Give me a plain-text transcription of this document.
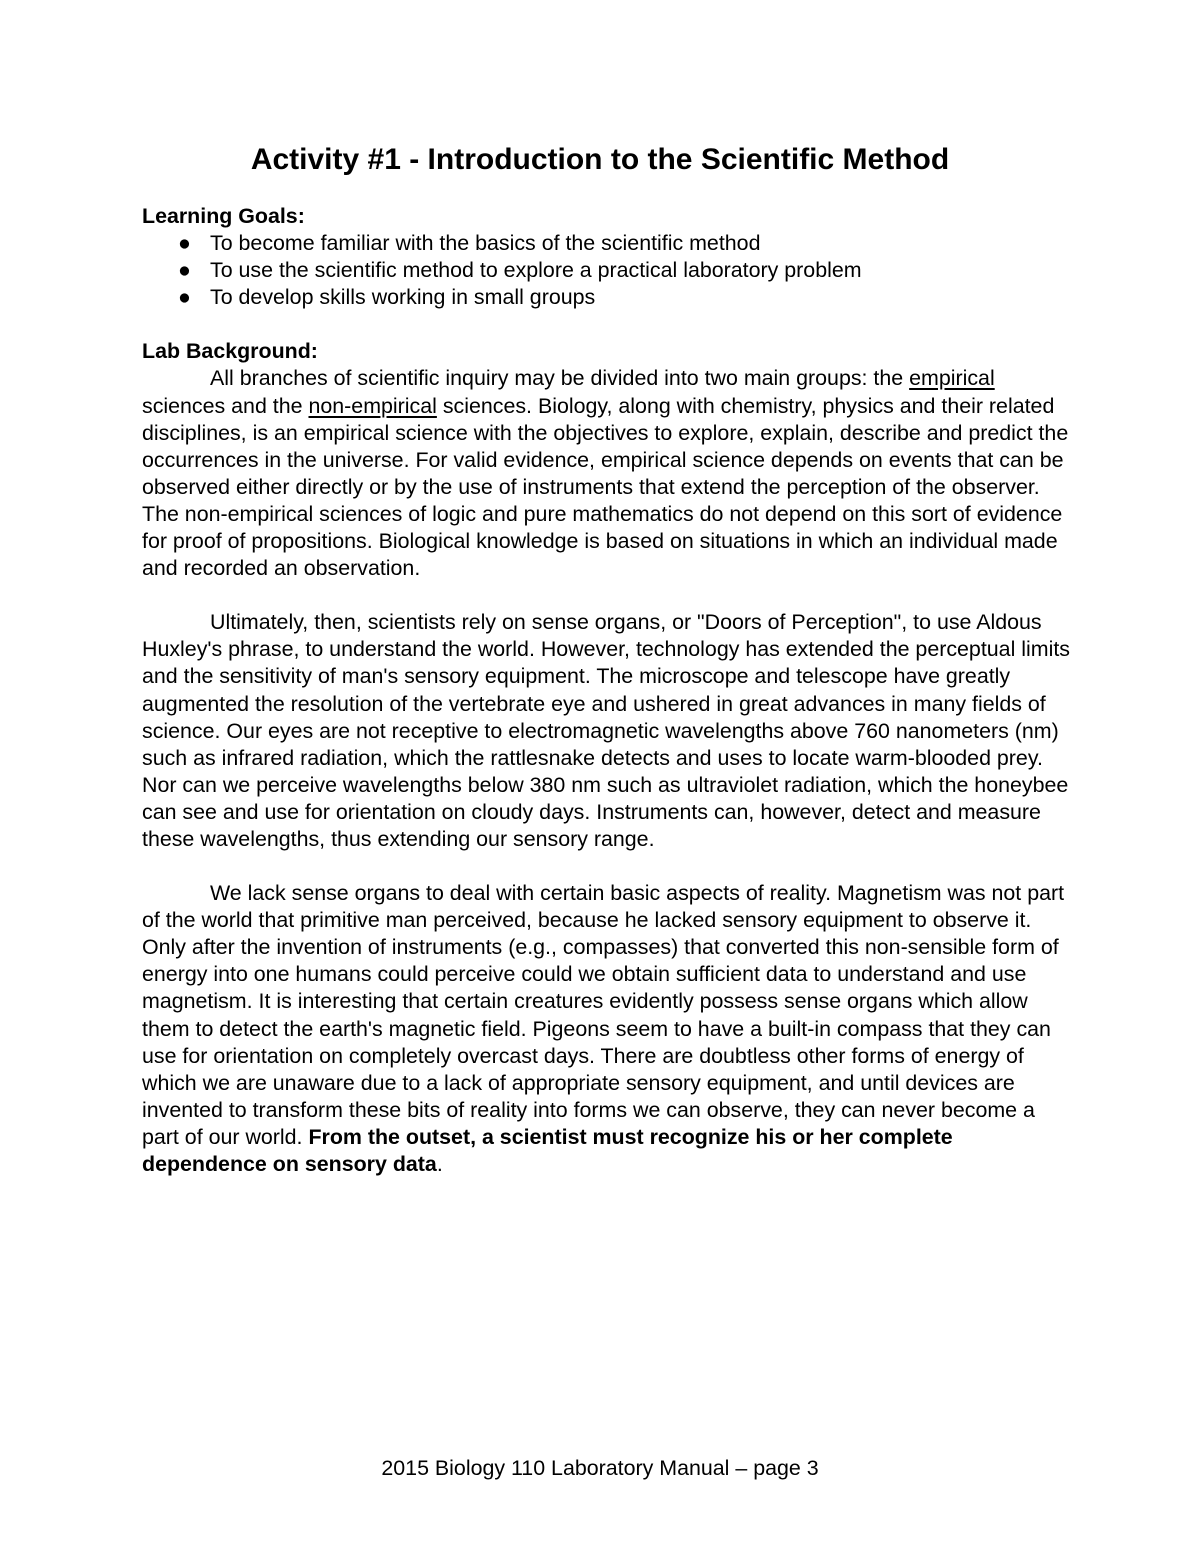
Activity #1 - Introduction to the Scientific Method
Learning Goals:
● To become familiar with the basics of the scientific method
● To use the scientific method to explore a practical laboratory problem
● To develop skills working in small groups
Lab Background:

All branches of scientific inquiry may be divided into two main groups: the empirical sciences and the non-empirical sciences. Biology, along with chemistry, physics and their related disciplines, is an empirical science with the objectives to explore, explain, describe and predict the occurrences in the universe. For valid evidence, empirical science depends on events that can be observed either directly or by the use of instruments that extend the perception of the observer. The non-empirical sciences of logic and pure mathematics do not depend on this sort of evidence for proof of propositions. Biological knowledge is based on situations in which an individual made and recorded an observation.

Ultimately, then, scientists rely on sense organs, or "Doors of Perception", to use Aldous Huxley's phrase, to understand the world. However, technology has extended the perceptual limits and the sensitivity of man's sensory equipment. The microscope and telescope have greatly augmented the resolution of the vertebrate eye and ushered in great advances in many fields of science. Our eyes are not receptive to electromagnetic wavelengths above 760 nanometers (nm) such as infrared radiation, which the rattlesnake detects and uses to locate warm-blooded prey. Nor can we perceive wavelengths below 380 nm such as ultraviolet radiation, which the honeybee can see and use for orientation on cloudy days. Instruments can, however, detect and measure these wavelengths, thus extending our sensory range.

We lack sense organs to deal with certain basic aspects of reality. Magnetism was not part of the world that primitive man perceived, because he lacked sensory equipment to observe it. Only after the invention of instruments (e.g., compasses) that converted this non-sensible form of energy into one humans could perceive could we obtain sufficient data to understand and use magnetism. It is interesting that certain creatures evidently possess sense organs which allow them to detect the earth's magnetic field. Pigeons seem to have a built-in compass that they can use for orientation on completely overcast days. There are doubtless other forms of energy of which we are unaware due to a lack of appropriate sensory equipment, and until devices are invented to transform these bits of reality into forms we can observe, they can never become a part of our world. From the outset, a scientist must recognize his or her complete dependence on sensory data.

2015 Biology 110 Laboratory Manual – page 3
